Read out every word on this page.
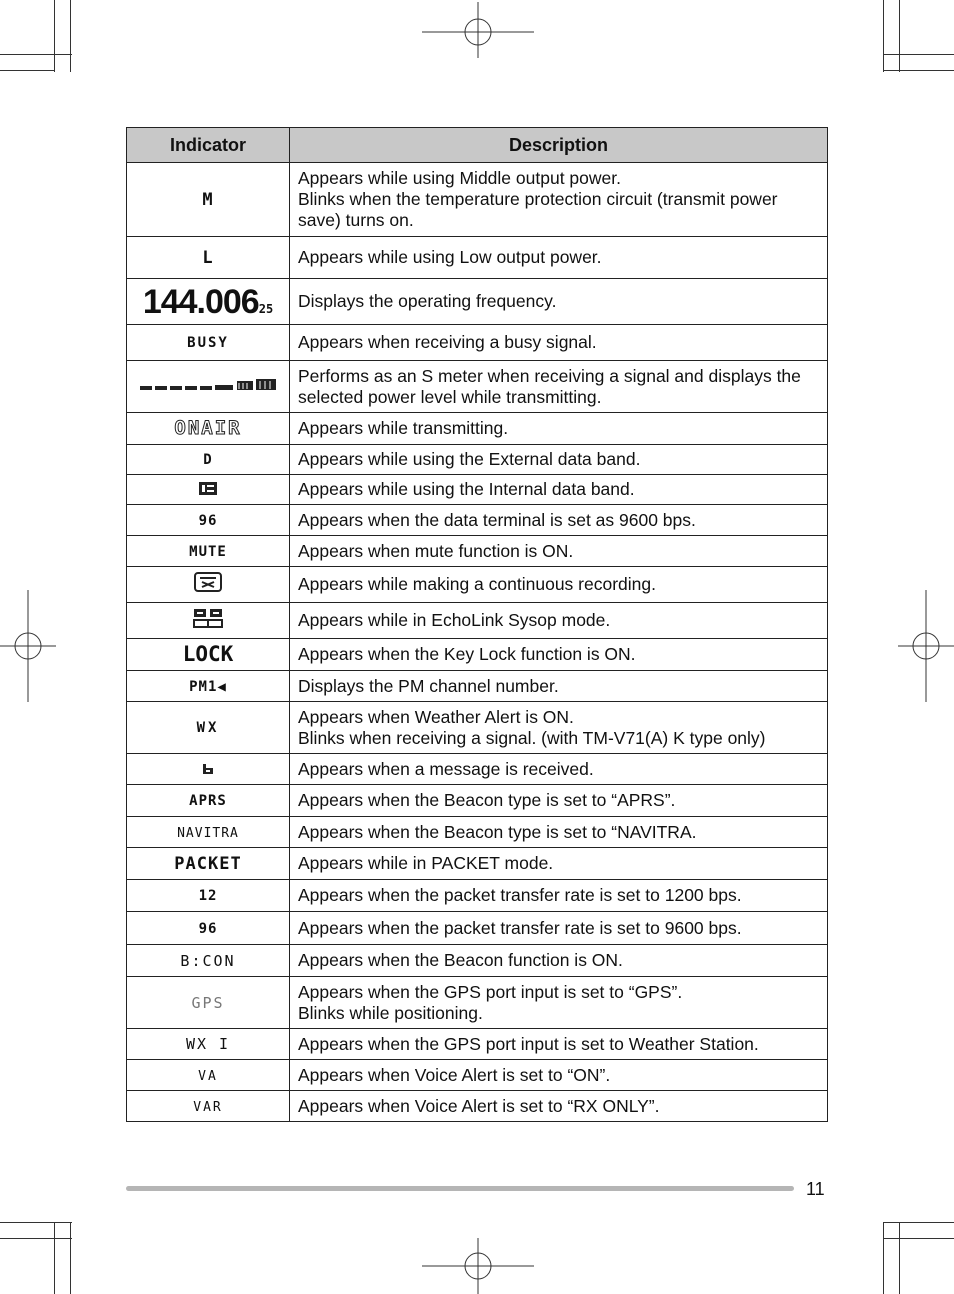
Indicator	Description
M	Appears while using Middle output power.
Blinks when the temperature protection circuit (transmit power save) turns on.
L	Appears while using Low output power.
144.00625	Displays the operating frequency.
BUSY	Appears when receiving a busy signal.
	Performs as an S meter when receiving a signal and displays the selected power level while transmitting.
ONAIR	Appears while transmitting.
D	Appears while using the External data band.
	Appears while using the Internal data band.
96	Appears when the data terminal is set as 9600 bps.
MUTE	Appears when mute function is ON.
	Appears while making a continuous recording.
	Appears while in EchoLink Sysop mode.
LOCK	Appears when the Key Lock function is ON.
PM1◀	Displays the PM channel number.
WX	Appears when Weather Alert is ON.
Blinks when receiving a signal. (with TM-V71(A) K type only)
	Appears when a message is received.
APRS	Appears when the Beacon type is set to “APRS”.
NAVITRA	Appears when the Beacon type is set to “NAVITRA.
PACKET	Appears while in PACKET mode.
12	Appears when the packet transfer rate is set to 1200 bps.
96	Appears when the packet transfer rate is set to 9600 bps.
B:CON	Appears when the Beacon function is ON.
GPS	Appears when the GPS port input is set to “GPS”.
Blinks while positioning.
WX I	Appears when the GPS port input is set to Weather Station.
VA	Appears when Voice Alert is set to “ON”.
VAR	Appears when Voice Alert is set to “RX ONLY”.
11
